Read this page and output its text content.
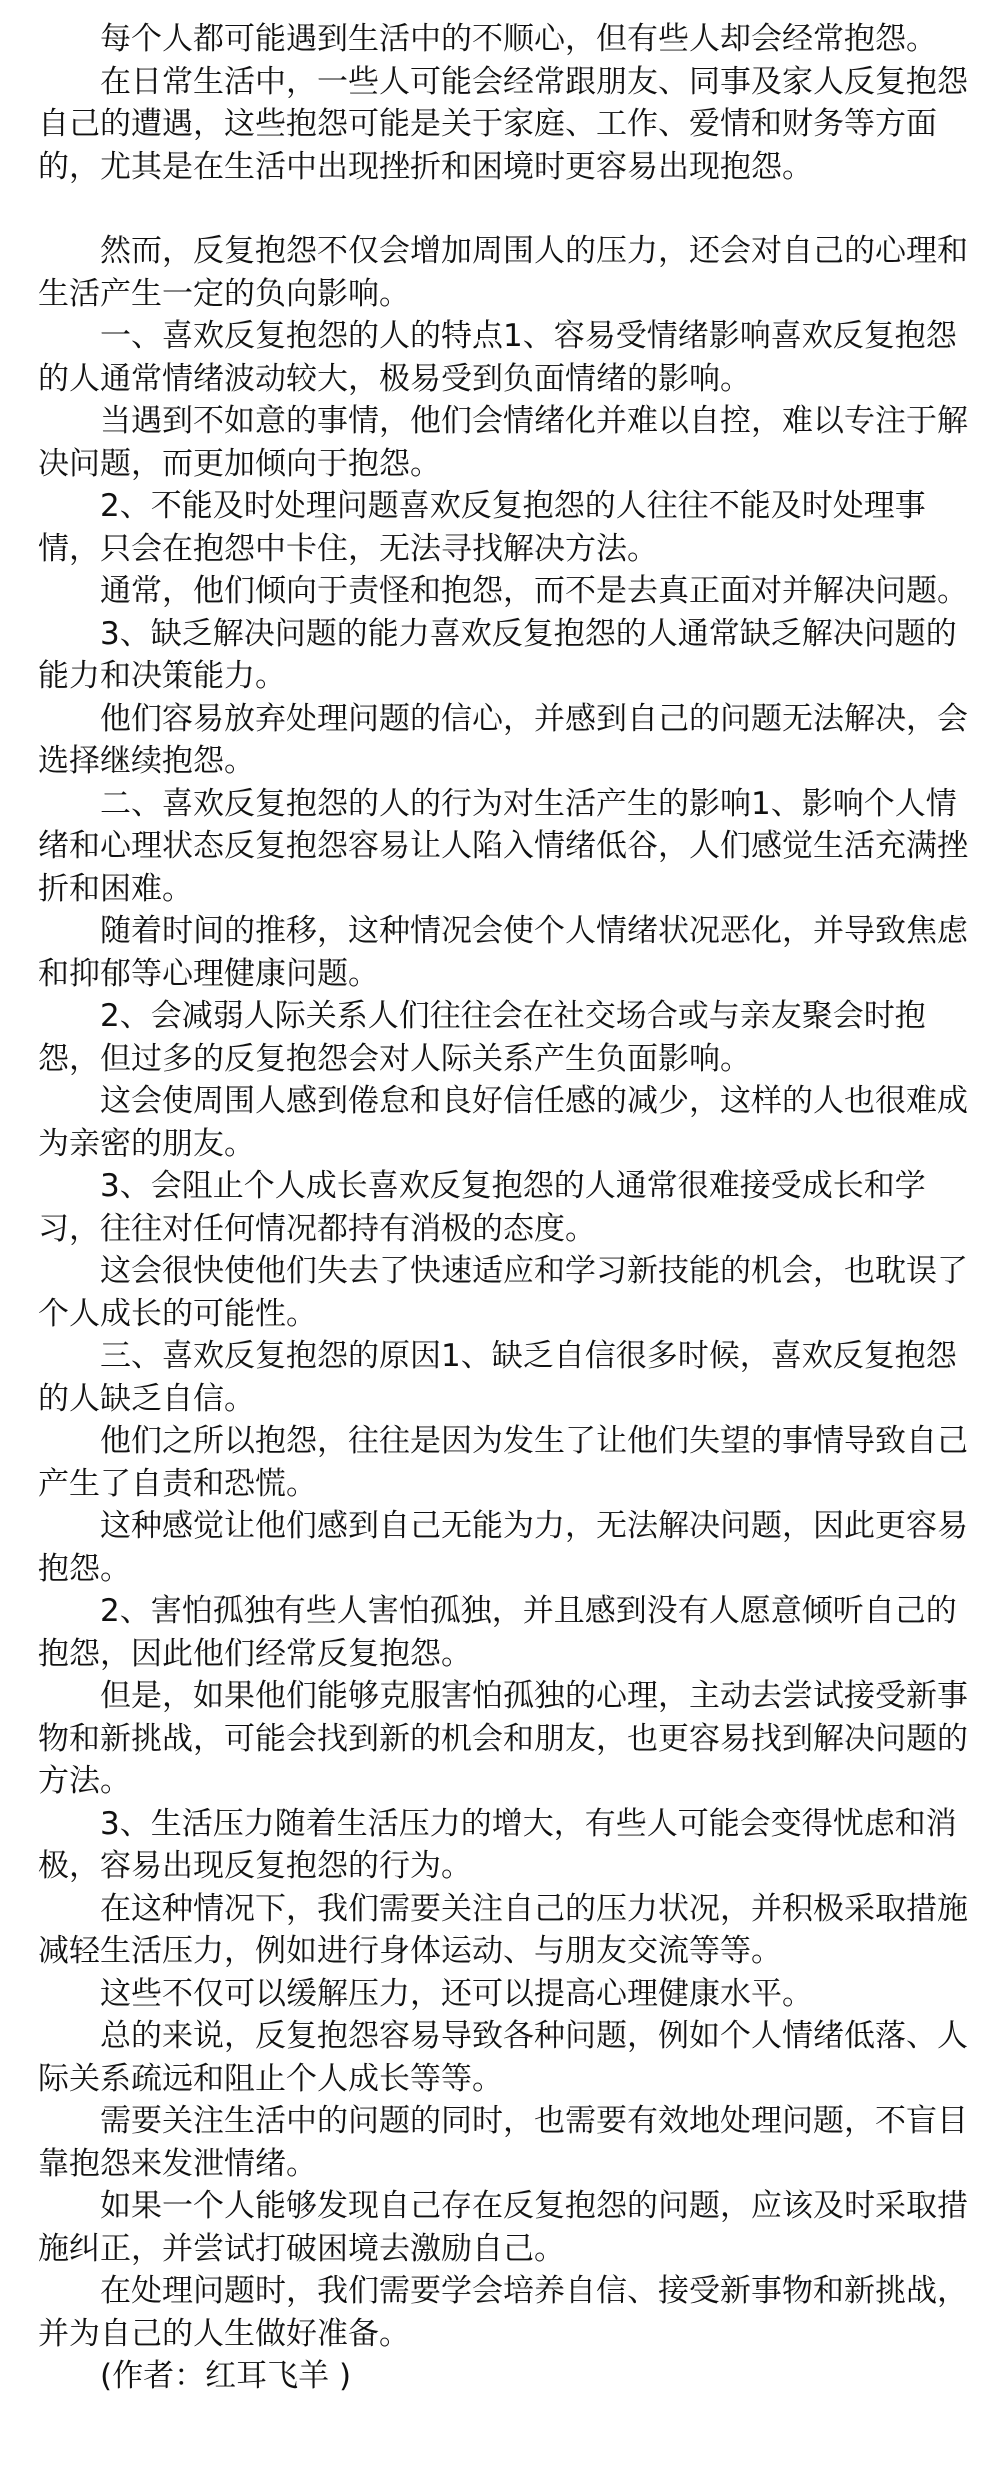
每个人都可能遇到生活中的不顺心，但有些人却会经常抱怨。

在日常生活中，一些人可能会经常跟朋友、同事及家人反复抱怨自己的遭遇，这些抱怨可能是关于家庭、工作、爱情和财务等方面的，尤其是在生活中出现挫折和困境时更容易出现抱怨。

然而，反复抱怨不仅会增加周围人的压力，还会对自己的心理和生活产生一定的负向影响。

一、喜欢反复抱怨的人的特点1、容易受情绪影响喜欢反复抱怨的人通常情绪波动较大，极易受到负面情绪的影响。

当遇到不如意的事情，他们会情绪化并难以自控，难以专注于解决问题，而更加倾向于抱怨。

2、不能及时处理问题喜欢反复抱怨的人往往不能及时处理事情，只会在抱怨中卡住，无法寻找解决方法。

通常，他们倾向于责怪和抱怨，而不是去真正面对并解决问题。

3、缺乏解决问题的能力喜欢反复抱怨的人通常缺乏解决问题的能力和决策能力。

他们容易放弃处理问题的信心，并感到自己的问题无法解决，会选择继续抱怨。

二、喜欢反复抱怨的人的行为对生活产生的影响1、影响个人情绪和心理状态反复抱怨容易让人陷入情绪低谷，人们感觉生活充满挫折和困难。

随着时间的推移，这种情况会使个人情绪状况恶化，并导致焦虑和抑郁等心理健康问题。

2、会减弱人际关系人们往往会在社交场合或与亲友聚会时抱怨，但过多的反复抱怨会对人际关系产生负面影响。

这会使周围人感到倦怠和良好信任感的减少，这样的人也很难成为亲密的朋友。

3、会阻止个人成长喜欢反复抱怨的人通常很难接受成长和学习，往往对任何情况都持有消极的态度。

这会很快使他们失去了快速适应和学习新技能的机会，也耽误了个人成长的可能性。

三、喜欢反复抱怨的原因1、缺乏自信很多时候，喜欢反复抱怨的人缺乏自信。

他们之所以抱怨，往往是因为发生了让他们失望的事情导致自己产生了自责和恐慌。

这种感觉让他们感到自己无能为力，无法解决问题，因此更容易抱怨。

2、害怕孤独有些人害怕孤独，并且感到没有人愿意倾听自己的抱怨，因此他们经常反复抱怨。

但是，如果他们能够克服害怕孤独的心理，主动去尝试接受新事物和新挑战，可能会找到新的机会和朋友，也更容易找到解决问题的方法。

3、生活压力随着生活压力的增大，有些人可能会变得忧虑和消极，容易出现反复抱怨的行为。

在这种情况下，我们需要关注自己的压力状况，并积极采取措施减轻生活压力，例如进行身体运动、与朋友交流等等。

这些不仅可以缓解压力，还可以提高心理健康水平。

总的来说，反复抱怨容易导致各种问题，例如个人情绪低落、人际关系疏远和阻止个人成长等等。

需要关注生活中的问题的同时，也需要有效地处理问题，不盲目靠抱怨来发泄情绪。

如果一个人能够发现自己存在反复抱怨的问题，应该及时采取措施纠正，并尝试打破困境去激励自己。

在处理问题时，我们需要学会培养自信、接受新事物和新挑战，并为自己的人生做好准备。

(作者：红耳飞羊 )
